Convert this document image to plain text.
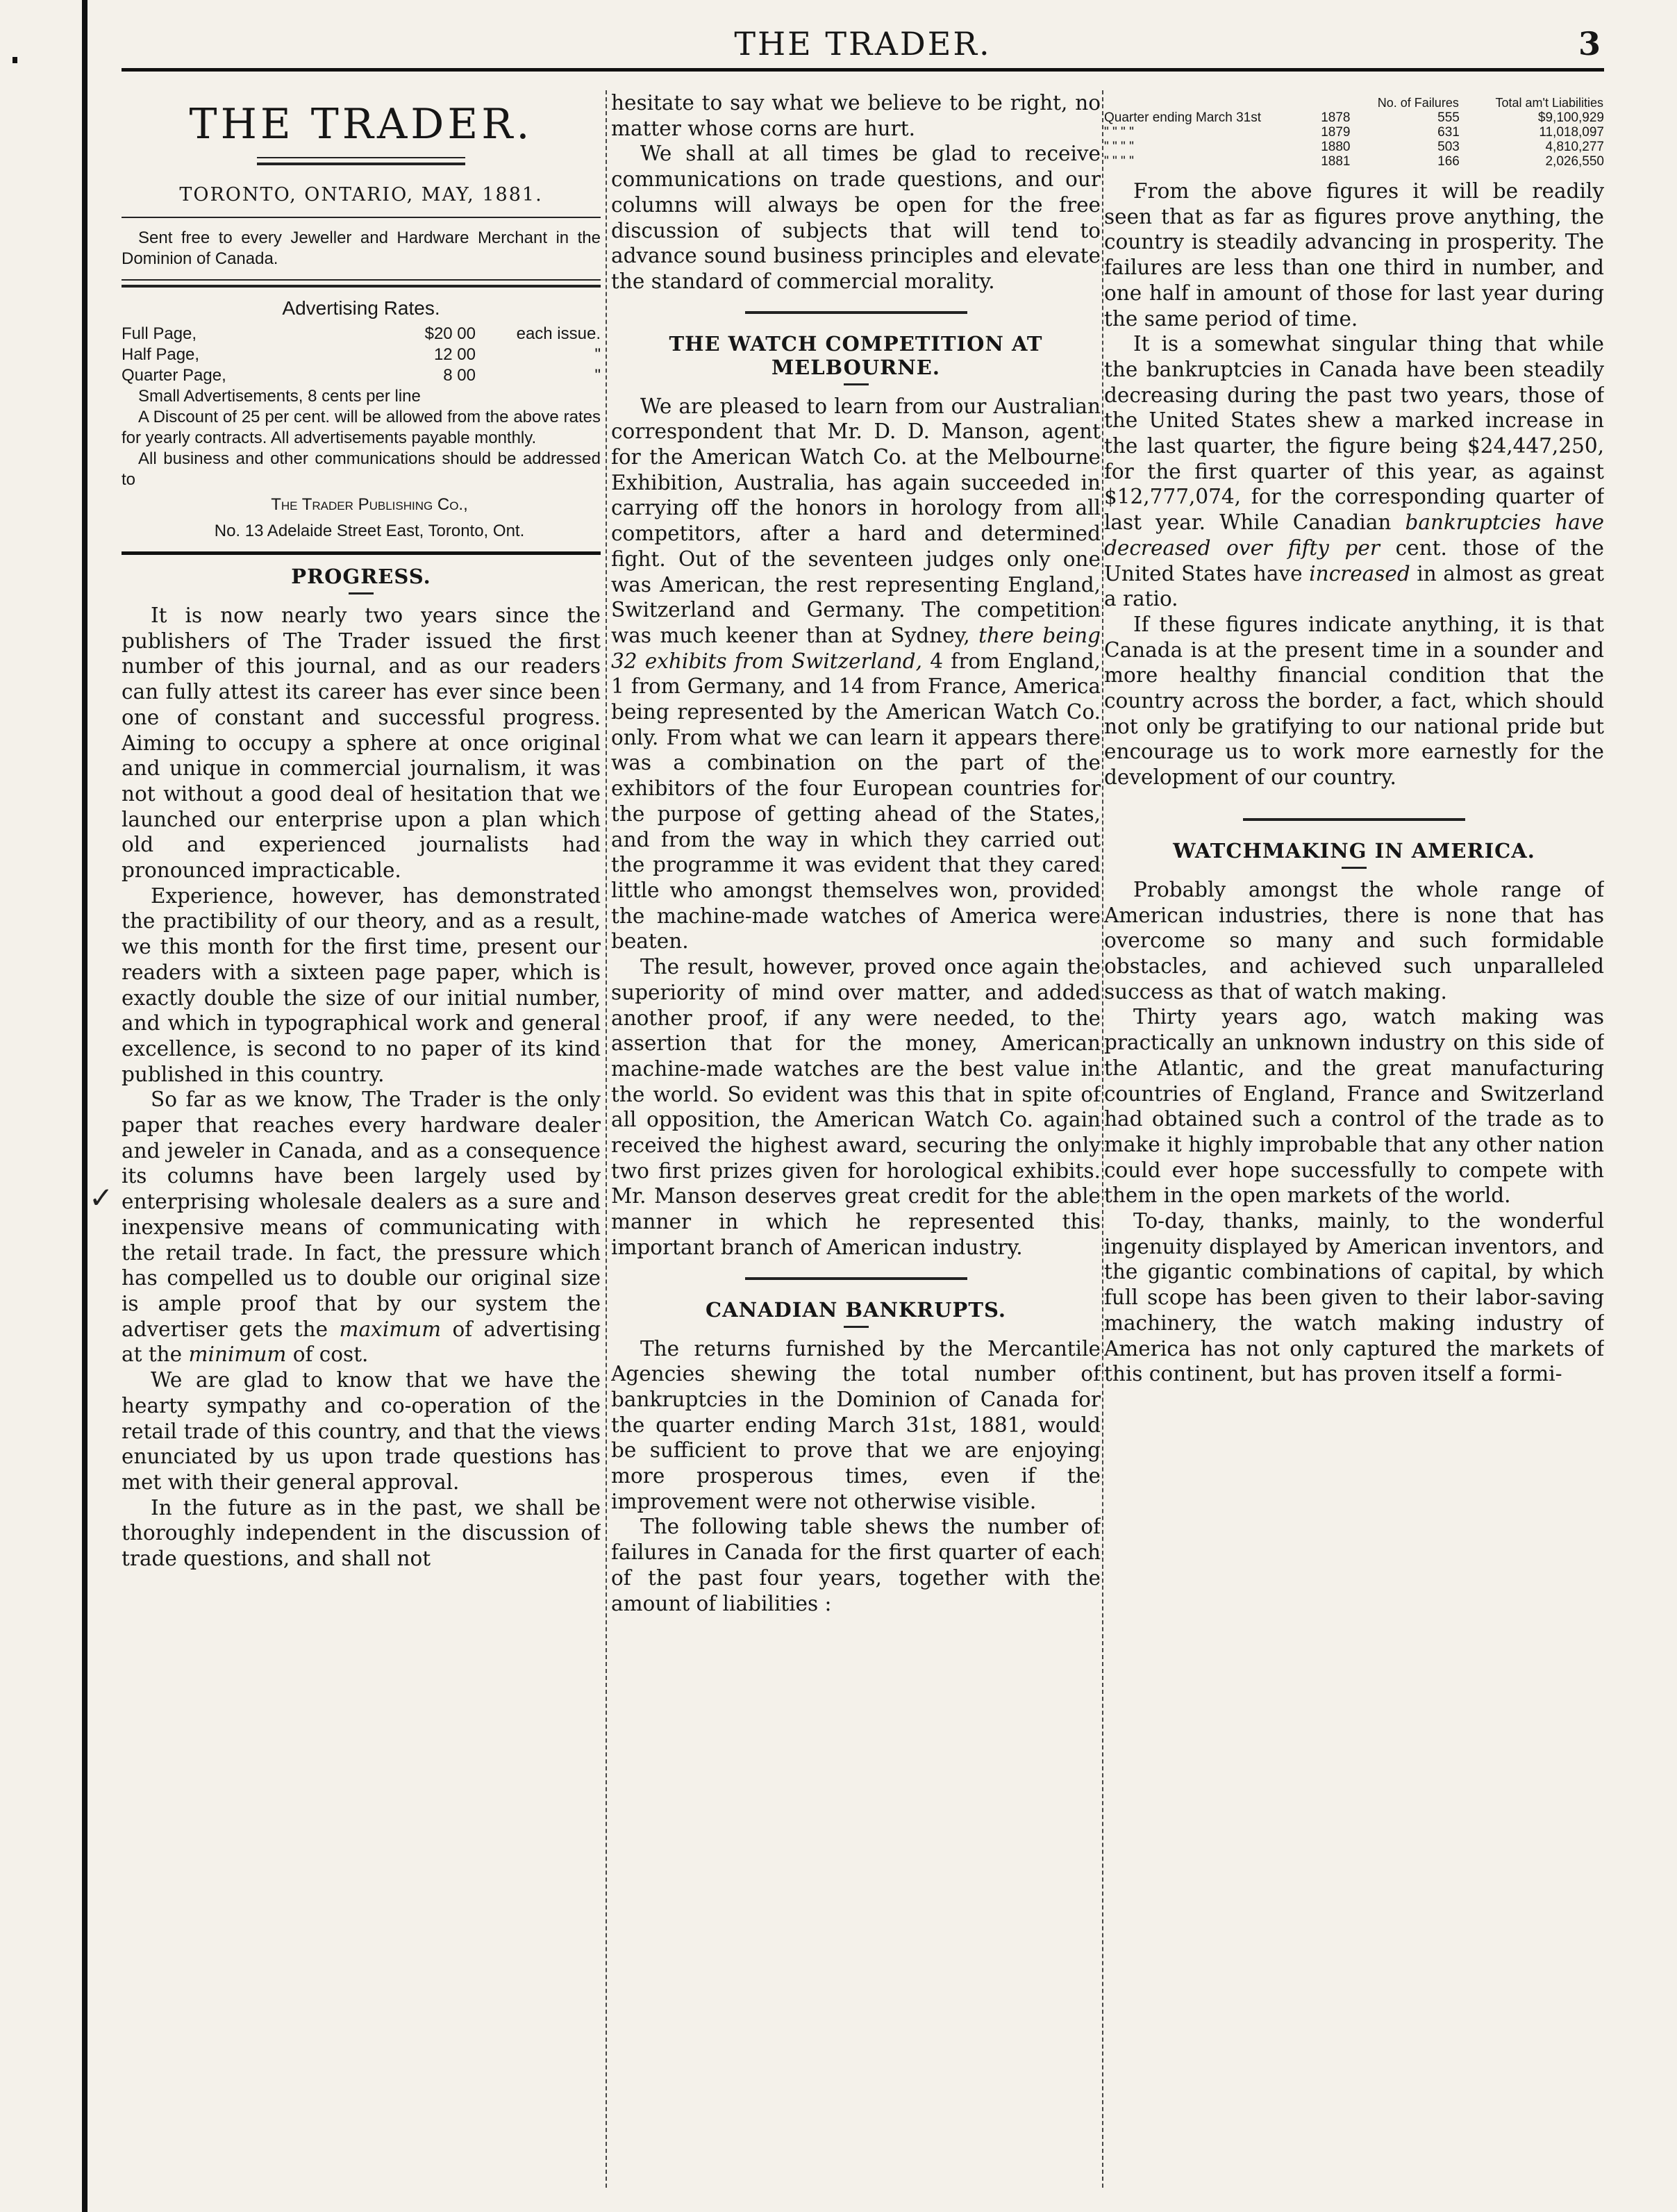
THE TRADER.	3
✓
THE TRADER.
TORONTO, ONTARIO, MAY, 1881.

Sent free to every Jeweller and Hardware Merchant in the Dominion of Canada.

Advertising Rates.
Full Page,	$20 00	each issue.
Half Page,	12 00	"
Quarter Page,	8 00	"

Small Advertisements, 8 cents per line

A Discount of 25 per cent. will be allowed from the above rates for yearly contracts. All advertisements payable monthly.

All business and other communications should be addressed to

The Trader Publishing Co.,

No. 13 Adelaide Street East, Toronto, Ont.

PROGRESS.

It is now nearly two years since the publishers of The Trader issued the first number of this journal, and as our readers can fully attest its career has ever since been one of constant and successful progress. Aiming to occupy a sphere at once original and unique in commercial journalism, it was not without a good deal of hesitation that we launched our enterprise upon a plan which old and experienced journalists had pronounced impracticable.

Experience, however, has demonstrated the practibility of our theory, and as a result, we this month for the first time, present our readers with a sixteen page paper, which is exactly double the size of our initial number, and which in typographical work and general excellence, is second to no paper of its kind published in this country.

So far as we know, The Trader is the only paper that reaches every hardware dealer and jeweler in Canada, and as a consequence its columns have been largely used by enterprising wholesale dealers as a sure and inexpensive means of communicating with the retail trade. In fact, the pressure which has compelled us to double our original size is ample proof that by our system the advertiser gets the maximum of advertising at the minimum of cost.

We are glad to know that we have the hearty sympathy and co-operation of the retail trade of this country, and that the views enunciated by us upon trade questions has met with their general approval.

In the future as in the past, we shall be thoroughly independent in the discussion of trade questions, and shall not

hesitate to say what we believe to be right, no matter whose corns are hurt.

We shall at all times be glad to receive communications on trade questions, and our columns will always be open for the free discussion of subjects that will tend to advance sound business principles and elevate the standard of commercial morality.

THE WATCH COMPETITION AT MELBOURNE.

We are pleased to learn from our Australian correspondent that Mr. D. D. Manson, agent for the American Watch Co. at the Melbourne Exhibition, Australia, has again succeeded in carrying off the honors in horology from all competitors, after a hard and determined fight. Out of the seventeen judges only one was American, the rest representing England, Switzerland and Germany. The competition was much keener than at Sydney, there being 32 exhibits from Switzerland, 4 from England, 1 from Germany, and 14 from France, America being represented by the American Watch Co. only. From what we can learn it appears there was a combination on the part of the exhibitors of the four European countries for the purpose of getting ahead of the States, and from the way in which they carried out the programme it was evident that they cared little who amongst themselves won, provided the machine-made watches of America were beaten.

The result, however, proved once again the superiority of mind over matter, and added another proof, if any were needed, to the assertion that for the money, American machine-made watches are the best value in the world. So evident was this that in spite of all opposition, the American Watch Co. again received the highest award, securing the only two first prizes given for horological exhibits. Mr. Manson deserves great credit for the able manner in which he represented this important branch of American industry.

CANADIAN BANKRUPTS.

The returns furnished by the Mercantile Agencies shewing the total number of bankruptcies in the Dominion of Canada for the quarter ending March 31st, 1881, would be sufficient to prove that we are enjoying more prosperous times, even if the improvement were not otherwise visible.

The following table shews the number of failures in Canada for the first quarter of each of the past four years, together with the amount of liabilities :

		No. of Failures	Total am't Liabilities
Quarter ending March 31st	1878	555	$9,100,929
" " " "	1879	631	11,018,097
" " " "	1880	503	4,810,277
" " " "	1881	166	2,026,550

From the above figures it will be readily seen that as far as figures prove anything, the country is steadily advancing in prosperity. The failures are less than one third in number, and one half in amount of those for last year during the same period of time.

It is a somewhat singular thing that while the bankruptcies in Canada have been steadily decreasing during the past two years, those of the United States shew a marked increase in the last quarter, the figure being $24,447,250, for the first quarter of this year, as against $12,777,074, for the corresponding quarter of last year. While Canadian bankruptcies have decreased over fifty per cent. those of the United States have increased in almost as great a ratio.

If these figures indicate anything, it is that Canada is at the present time in a sounder and more healthy financial condition that the country across the border, a fact, which should not only be gratifying to our national pride but encourage us to work more earnestly for the development of our country.

WATCHMAKING IN AMERICA.

Probably amongst the whole range of American industries, there is none that has overcome so many and such formidable obstacles, and achieved such unparalleled success as that of watch making.

Thirty years ago, watch making was practically an unknown industry on this side of the Atlantic, and the great manufacturing countries of England, France and Switzerland had obtained such a control of the trade as to make it highly improbable that any other nation could ever hope successfully to compete with them in the open markets of the world.

To-day, thanks, mainly, to the wonderful ingenuity displayed by American inventors, and the gigantic combinations of capital, by which full scope has been given to their labor-saving machinery, the watch making industry of America has not only captured the markets of this continent, but has proven itself a formi-
